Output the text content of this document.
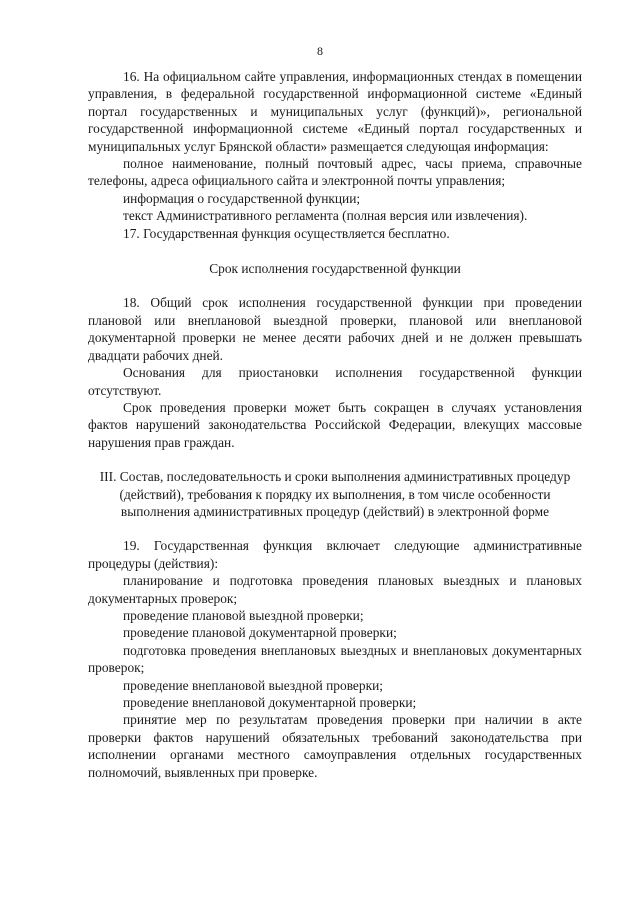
8

16. На официальном сайте управления, информационных стендах в помещении управления, в федеральной государственной информационной системе «Единый портал государственных и муниципальных услуг (функций)», региональной государственной информационной системе «Единый портал государственных и муниципальных услуг Брянской области» размещается следующая информация:

полное наименование, полный почтовый адрес, часы приема, справочные телефоны, адреса официального сайта и электронной почты управления;

информация о государственной функции;

текст Административного регламента (полная версия или извлечения).

17. Государственная функция осуществляется бесплатно.

Срок исполнения государственной функции

18. Общий срок исполнения государственной функции при проведении плановой или внеплановой выездной проверки, плановой или внеплановой документарной проверки не менее десяти рабочих дней и не должен превышать двадцати рабочих дней.

Основания для приостановки исполнения государственной функции отсутствуют.

Срок проведения проверки может быть сокращен в случаях установления фактов нарушений законодательства Российской Федерации, влекущих массовые нарушения прав граждан.

III. Состав, последовательность и сроки выполнения административных процедур (действий), требования к порядку их выполнения, в том числе особенности выполнения административных процедур (действий) в электронной форме

19. Государственная функция включает следующие административные процедуры (действия):

планирование и подготовка проведения плановых выездных и плановых документарных проверок;

проведение плановой выездной проверки;

проведение плановой документарной проверки;

подготовка проведения внеплановых выездных и внеплановых документарных проверок;

проведение внеплановой выездной проверки;

проведение внеплановой документарной проверки;

принятие мер по результатам проведения проверки при наличии в акте проверки фактов нарушений обязательных требований законодательства при исполнении органами местного самоуправления отдельных государственных полномочий, выявленных при проверке.
